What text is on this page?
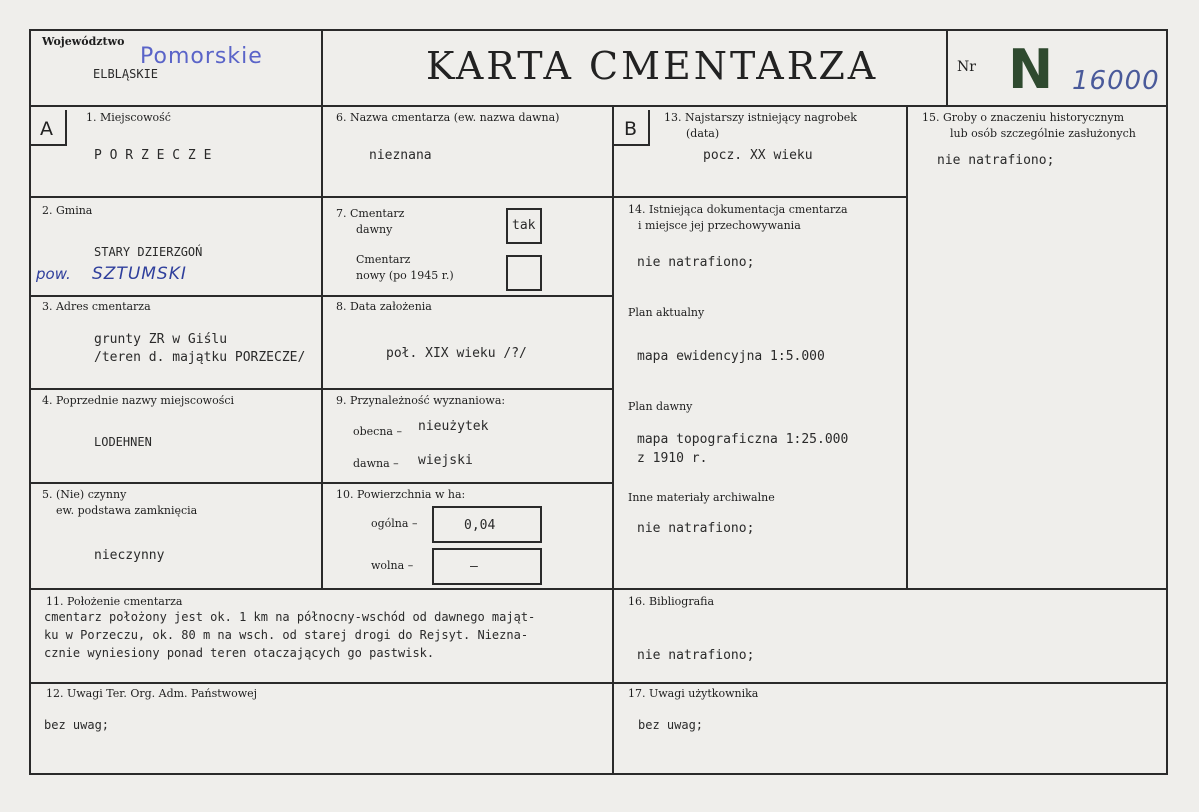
Województwo
ELBLĄSKIE
Pomorskie	KARTA CMENTARZA	Nr N 16000
A	B
1. Miejscowość
P O R Z E C Z E
2. Gmina
STARY DZIERZGOŃ
pow. SZTUMSKI
3. Adres cmentarza
grunty ZR w Giślu
/teren d. majątku PORZECZE/
4. Poprzednie nazwy miejscowości
LODEHNEN
5. (Nie) czynny
ew. podstawa zamknięcia
nieczynny
6. Nazwa cmentarza (ew. nazwa dawna)
nieznana
7. Cmentarz
dawny	tak
Cmentarz
nowy (po 1945 r.)
8. Data założenia
poł. XIX wieku /?/
9. Przynależność wyznaniowa:
obecna – nieużytek
dawna – wiejski
10. Powierzchnia w ha:
ogólna –	0,04
wolna –	–
11. Położenie cmentarza
cmentarz położony jest ok. 1 km na północny-wschód od dawnego mająt-
ku w Porzeczu, ok. 80 m na wsch. od starej drogi do Rejsyt. Niezna-
cznie wyniesiony ponad teren otaczających go pastwisk.
12. Uwagi Ter. Org. Adm. Państwowej
bez uwag;
13. Najstarszy istniejący nagrobek
(data)
pocz. XX wieku
14. Istniejąca dokumentacja cmentarza
i miejsce jej przechowywania
nie natrafiono;
Plan aktualny
mapa ewidencyjna 1:5.000
Plan dawny
mapa topograficzna 1:25.000
z 1910 r.
Inne materiały archiwalne
nie natrafiono;
15. Groby o znaczeniu historycznym
lub osób szczególnie zasłużonych
nie natrafiono;
16. Bibliografia
nie natrafiono;
17. Uwagi użytkownika
bez uwag;
